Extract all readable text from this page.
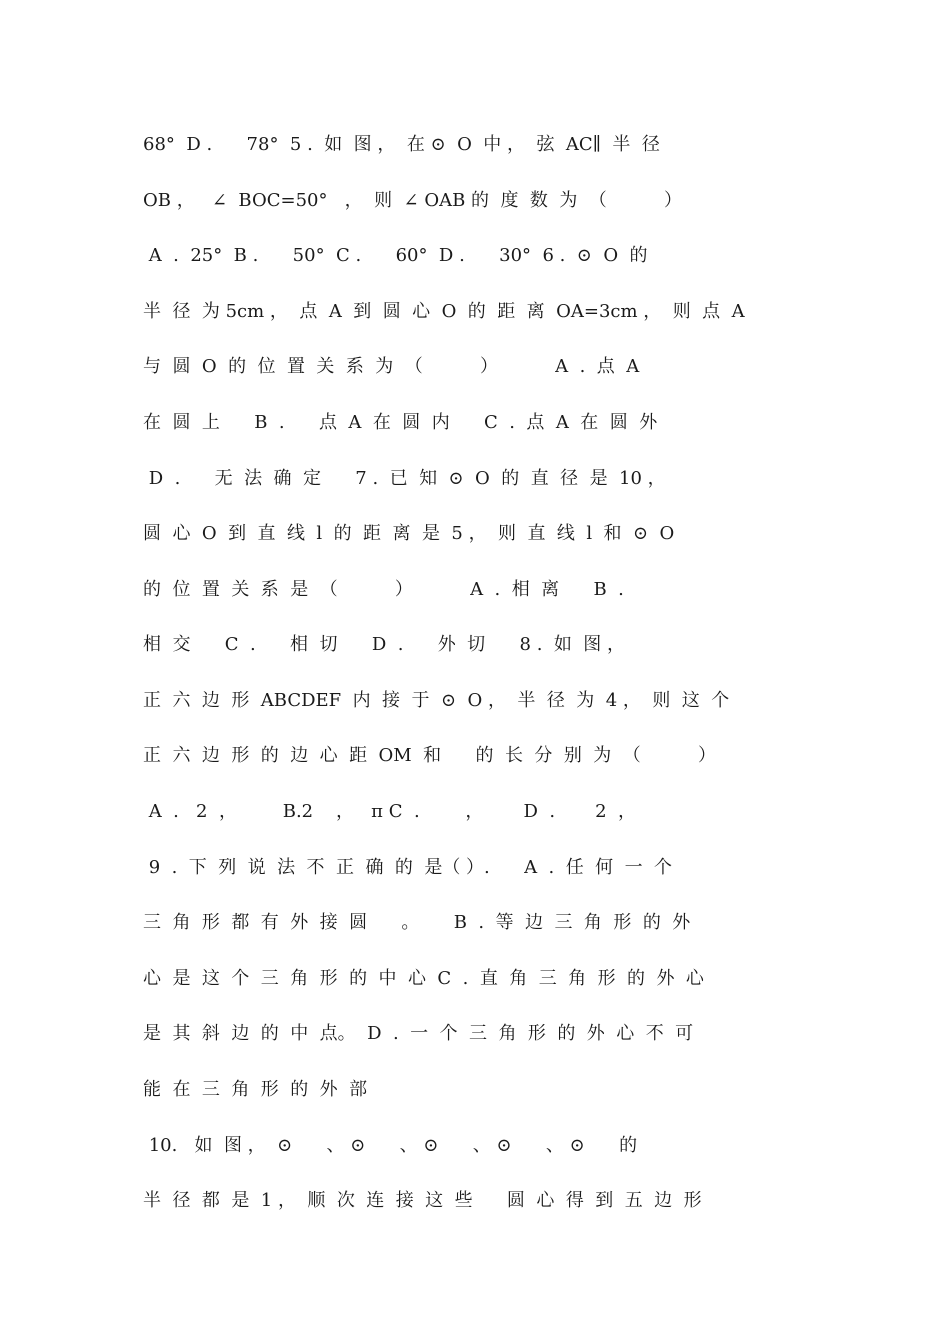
68°  D .      78°  5 .  如  图 ，  在 ⊙  O  中 ，  弦  AC∥  半  径
OB ，   ∠  BOC=50°   ，  则  ∠ OAB 的  度  数  为  （          ）
A  .  25°  B .      50°  C .      60°  D .      30°  6 .  ⊙  O  的
半  径  为 5cm ，  点  A  到  圆  心  O  的  距  离  OA=3cm ，  则  点  A
与  圆  O  的  位  置  关  系  为  （          ）          A  .  点  A
在  圆  上      B  .      点  A  在  圆  内      C  .  点  A  在  圆  外
D  .      无  法  确  定      7 .  已  知  ⊙  O  的  直  径  是  10 ，
圆  心  O  到  直  线  l  的  距  离  是  5 ，  则  直  线  l  和  ⊙  O
的  位  置  关  系  是  （          ）          A  .  相  离      B  .
相  交      C  .      相  切      D  .      外  切      8 .  如  图 ，
正  六  边  形  ABCDEF  内  接  于  ⊙  O ，  半  径  为  4 ，  则  这  个
正  六  边  形  的  边  心  距  OM  和      的  长  分  别  为  （          ）
A  .   2  ，        B.2    ，   π C  .        ，       D  .       2  ，
9  .  下  列  说  法  不  正  确  的  是（ ）.      A  .  任  何  一  个
三  角  形  都  有  外  接  圆      。      B  .  等  边  三  角  形  的  外
心  是  这  个  三  角  形  的  中  心  C  .  直  角  三  角  形  的  外  心
是  其  斜  边  的  中  点。  D  .  一  个  三  角  形  的  外  心  不  可
能  在  三  角  形  的  外  部
10.   如  图 ，  ⊙      、 ⊙      、 ⊙      、 ⊙      、 ⊙      的
半  径  都  是  1 ，  顺  次  连  接  这  些      圆  心  得  到  五  边  形
